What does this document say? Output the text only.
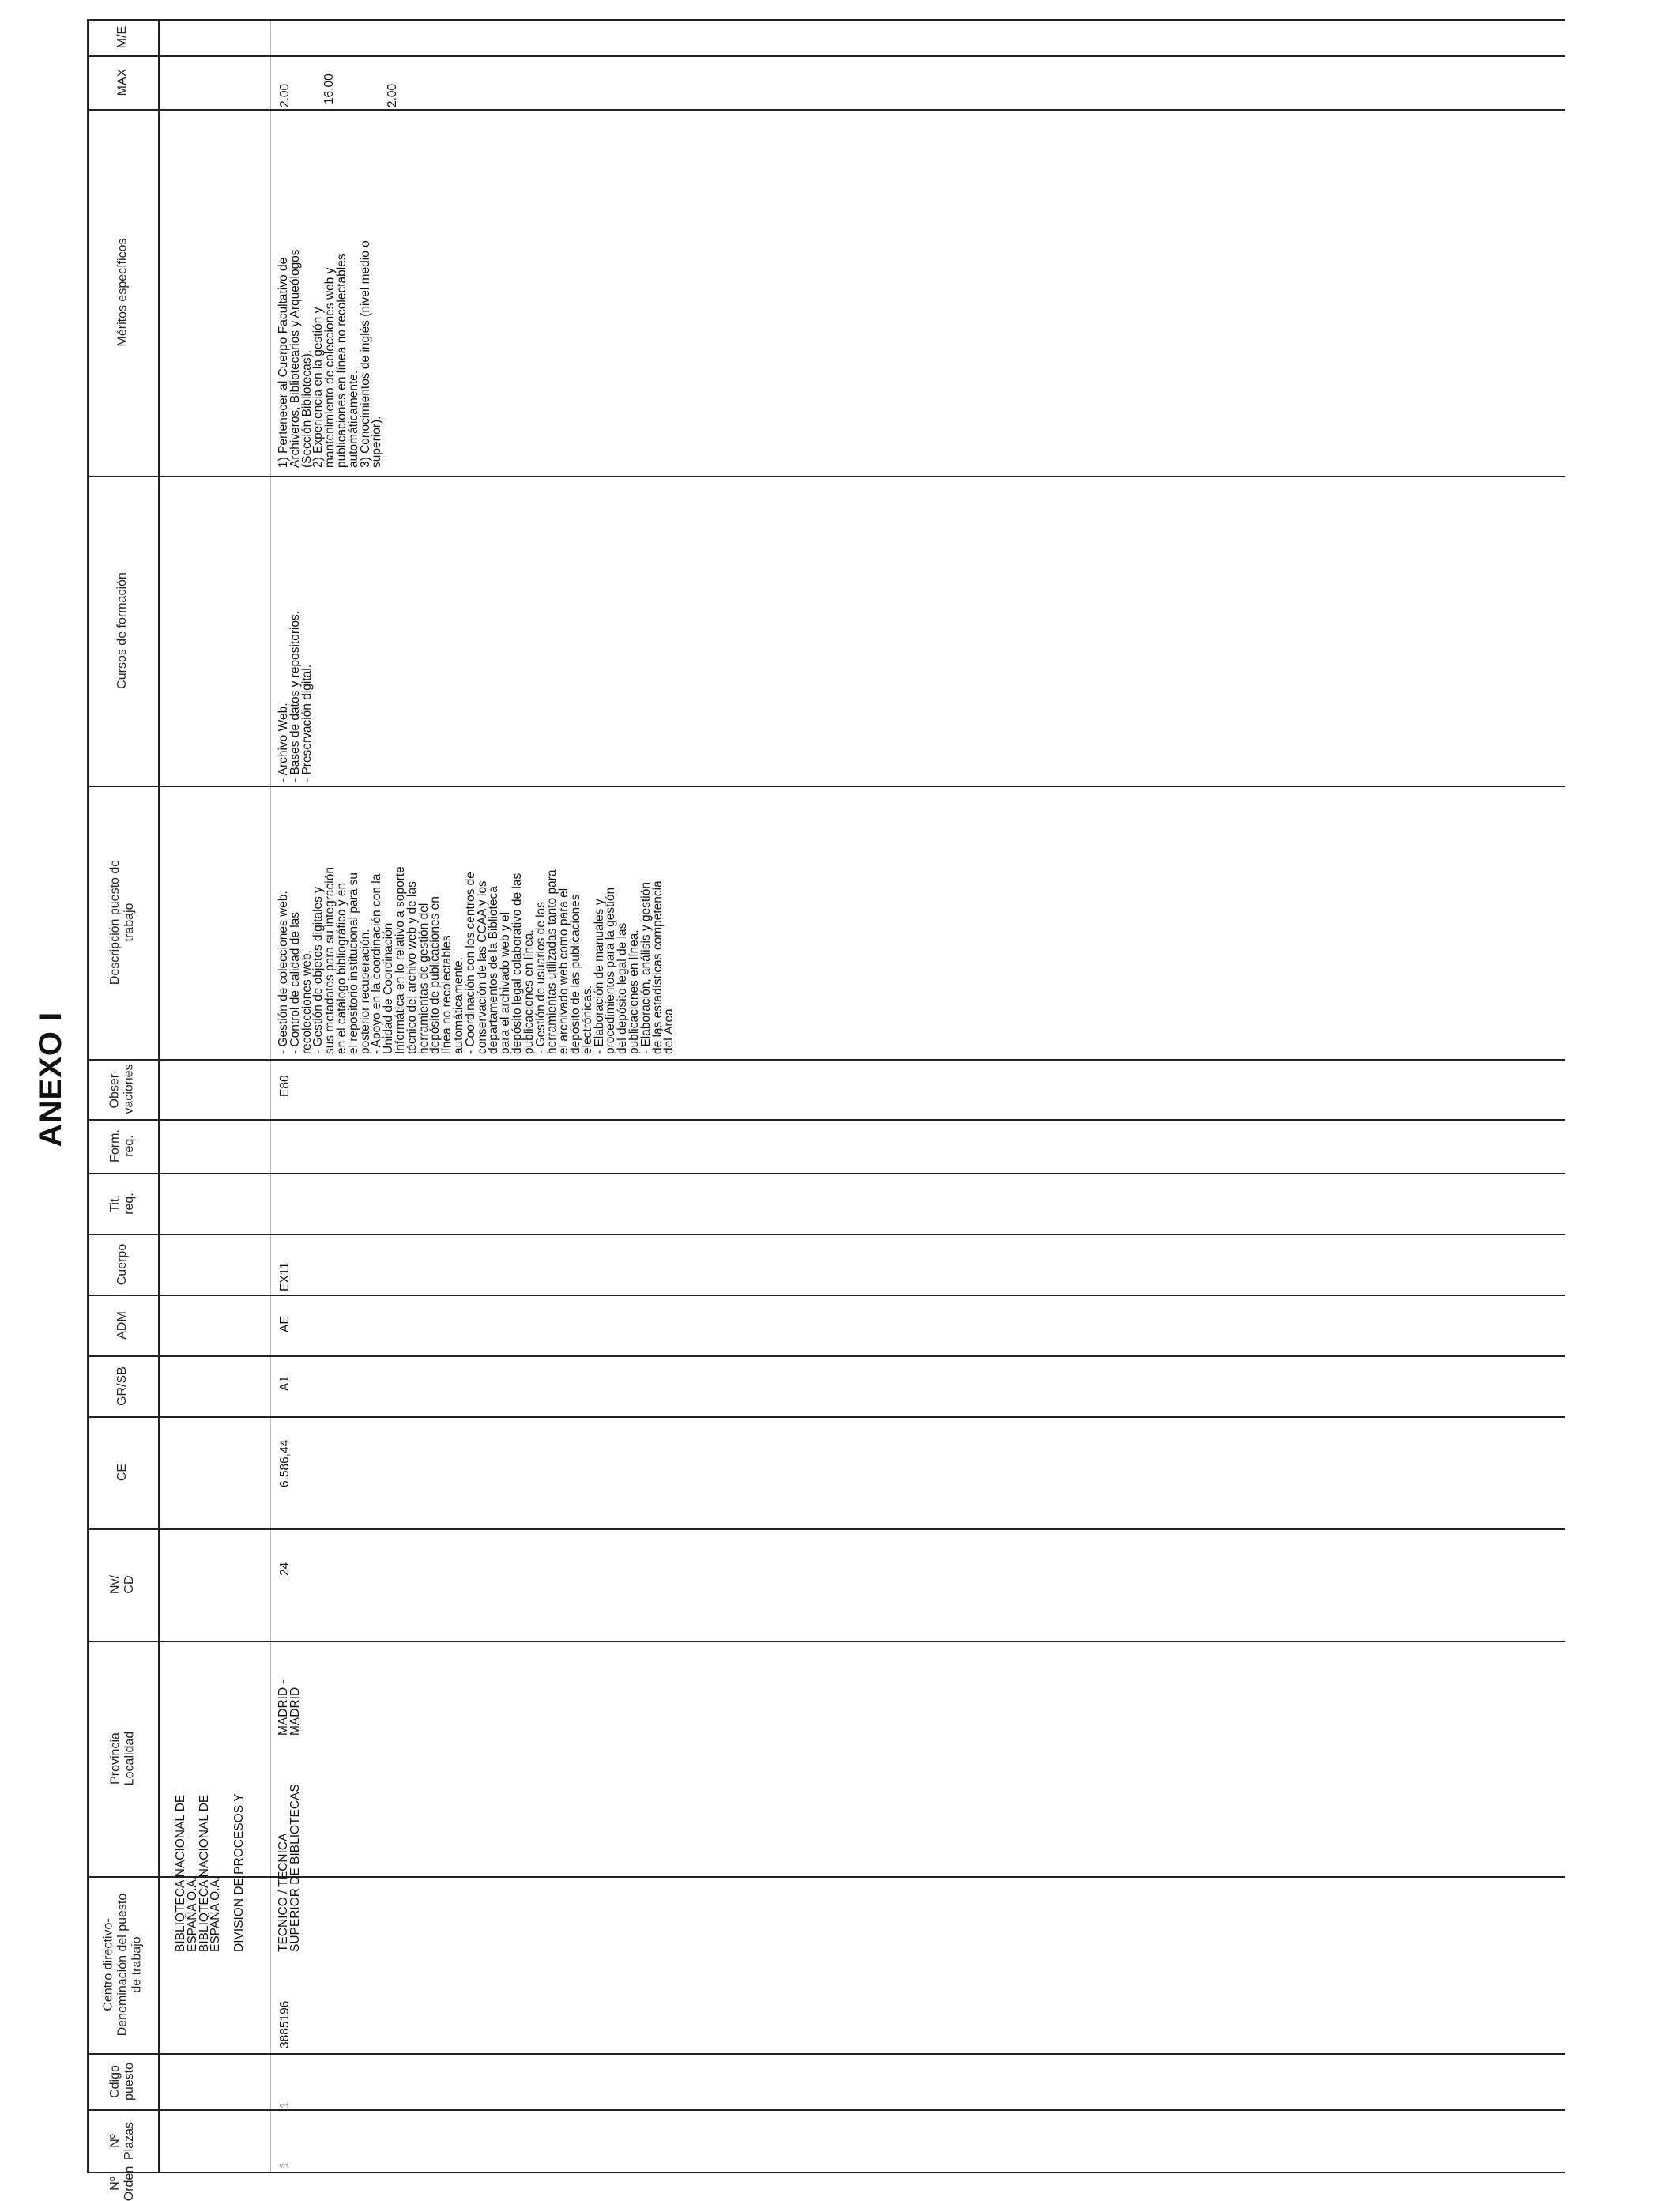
ANEXO I
M/E
MAX
Méritos específicos
Cursos de formación
Descripción puesto de
trabajo
Obser-
vaciones
Form.
req.
Tit.
req.
Cuerpo
ADM
GR/SB
CE
Nv/
CD
Provincia
Localidad
Centro directivo-
Denominación del puesto
de trabajo
Cdigo
puesto
Nº
Plazas
Nº
Orden
BIBLIOTECA NACIONAL DE
ESPAÑA O.A.
BIBLIOTECA NACIONAL DE
ESPAÑA O.A.

DIVISION DE PROCESOS Y
1
1
3885196
TECNICO / TECNICA
SUPERIOR DE BIBLIOTECAS
MADRID -
MADRID
24
6.586,44
A1
AE
EX11
E80
- Gestión de colecciones web.
- Control de calidad de las
recolecciones web.
- Gestión de objetos digitales y
sus metadatos para su integración
en el catálogo bibliográfico y en
el repositorio institucional para su
posterior recuperación.
- Apoyo en la coordinación con la
Unidad de Coordinación
Informática en lo relativo a soporte
técnico del archivo web y de las
herramientas de gestión del
depósito de publicaciones en
línea no recolectables
automáticamente.
- Coordinación con los centros de
conservación de las CCAA y los
departamentos de la Biblioteca
para el archivado web y el
depósito legal colaborativo de las
publicaciones en línea.
- Gestión de usuarios de las
herramientas utilizadas tanto para
el archivado web como para el
depósito de las publicaciones
electrónicas.
- Elaboración de manuales y
procedimientos para la gestión
del depósito legal de las
publicaciones en línea.
- Elaboración, análisis y gestión
de las estadísticas competencia
del Área
- Archivo Web.
- Bases de datos y repositorios.
- Preservación digital.
1) Pertenecer al Cuerpo Facultativo de
Archiveros, Bibliotecarios y Arqueólogos
(Sección Bibliotecas).
2) Experiencia en la gestión y
mantenimiento de colecciones web y
publicaciones en línea no recolectables
automáticamente.
3) Conocimientos de inglés (nivel medio o
superior).
2.00	16.00	2.00
